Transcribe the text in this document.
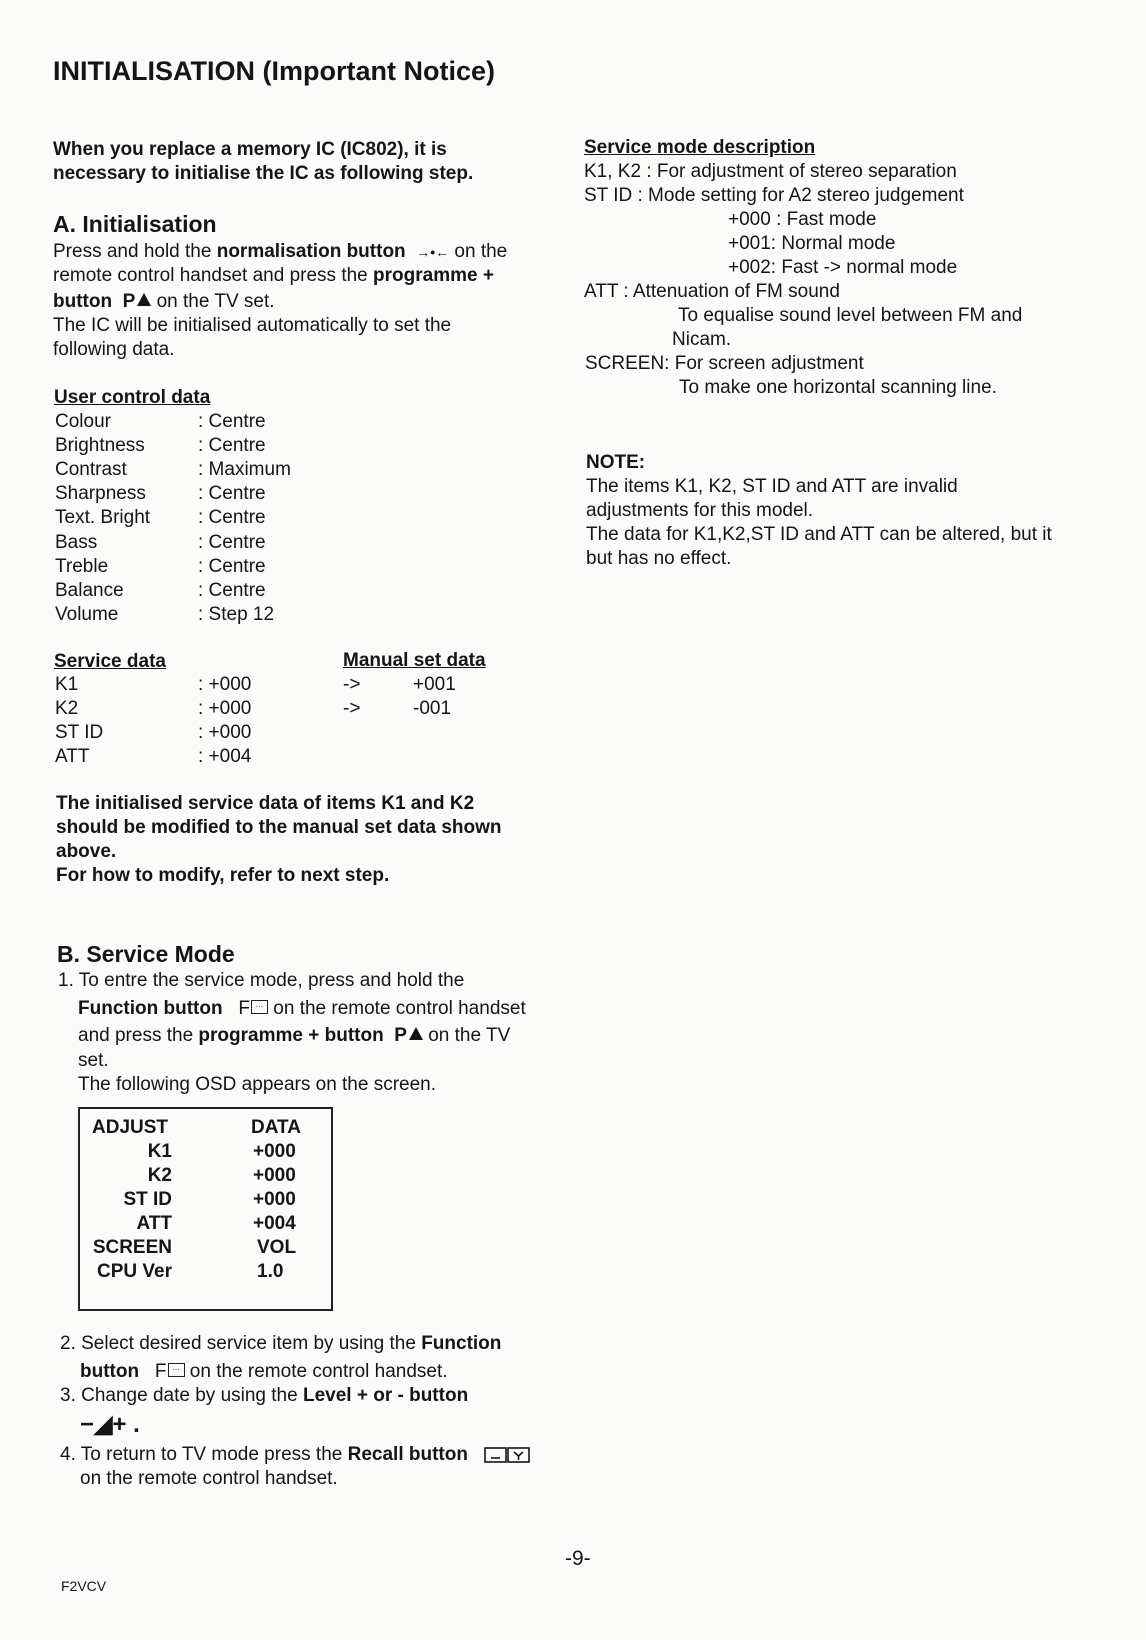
INITIALISATION (Important Notice)
When you replace a memory IC (IC802), it is
necessary to initialise the IC as following step.
A. Initialisation
Press and hold the normalisation button →•← on the
remote control handset and press the programme +
button P on the TV set.
The IC will be initialised automatically to set the
following data.
User control data
Colour	: Centre
Brightness	: Centre
Contrast	: Maximum
Sharpness	: Centre
Text. Bright	: Centre
Bass	: Centre
Treble	: Centre
Balance	: Centre
Volume	: Step 12
Service data	Manual set data
K1	: +000	->	+001
K2	: +000	->	-001
ST ID	: +000
ATT	: +004
The initialised service data of items K1 and K2
should be modified to the manual set data shown
above.
For how to modify, refer to next step.
B. Service Mode
1. To entre the service mode, press and hold the
Function button F … on the remote control handset
and press the programme + button P on the TV
set.
The following OSD appears on the screen.
ADJUST	DATA
K1	+000
K2	+000
ST ID	+000
ATT	+004
SCREEN	VOL
CPU Ver	1.0
2. Select desired service item by using the Function
button F … on the remote control handset.
3. Change date by using the Level + or - button
−◢+ .
4. To return to TV mode press the Recall button
on the remote control handset.
Service mode description
K1, K2 : For adjustment of stereo separation
ST ID : Mode setting for A2 stereo judgement
+000 : Fast mode
+001: Normal mode
+002: Fast -> normal mode
ATT : Attenuation of FM sound
To equalise sound level between FM and
Nicam.
SCREEN: For screen adjustment
To make one horizontal scanning line.
NOTE:
The items K1, K2, ST ID and ATT are invalid
adjustments for this model.
The data for K1,K2,ST ID and ATT can be altered, but it
but has no effect.
-9-
F2VCV
